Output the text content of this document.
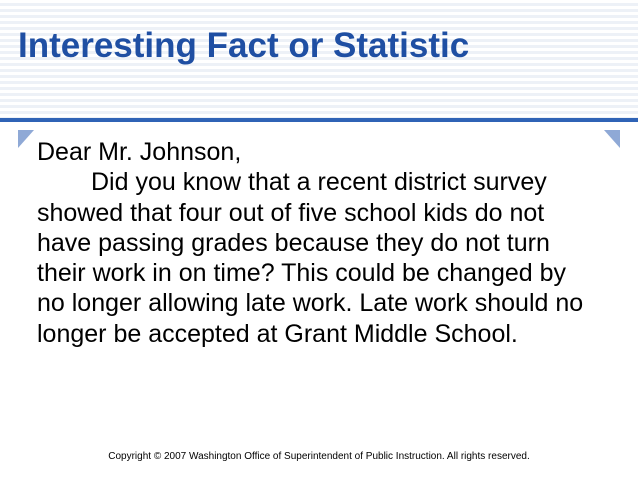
Interesting Fact or Statistic

Dear Mr. Johnson,

Did you know that a recent district survey showed that four out of five school kids do not have passing grades because they do not turn their work in on time? This could be changed by no longer allowing late work. Late work should no longer be accepted at Grant Middle School.

Copyright © 2007 Washington Office of Superintendent of Public Instruction. All rights reserved.
